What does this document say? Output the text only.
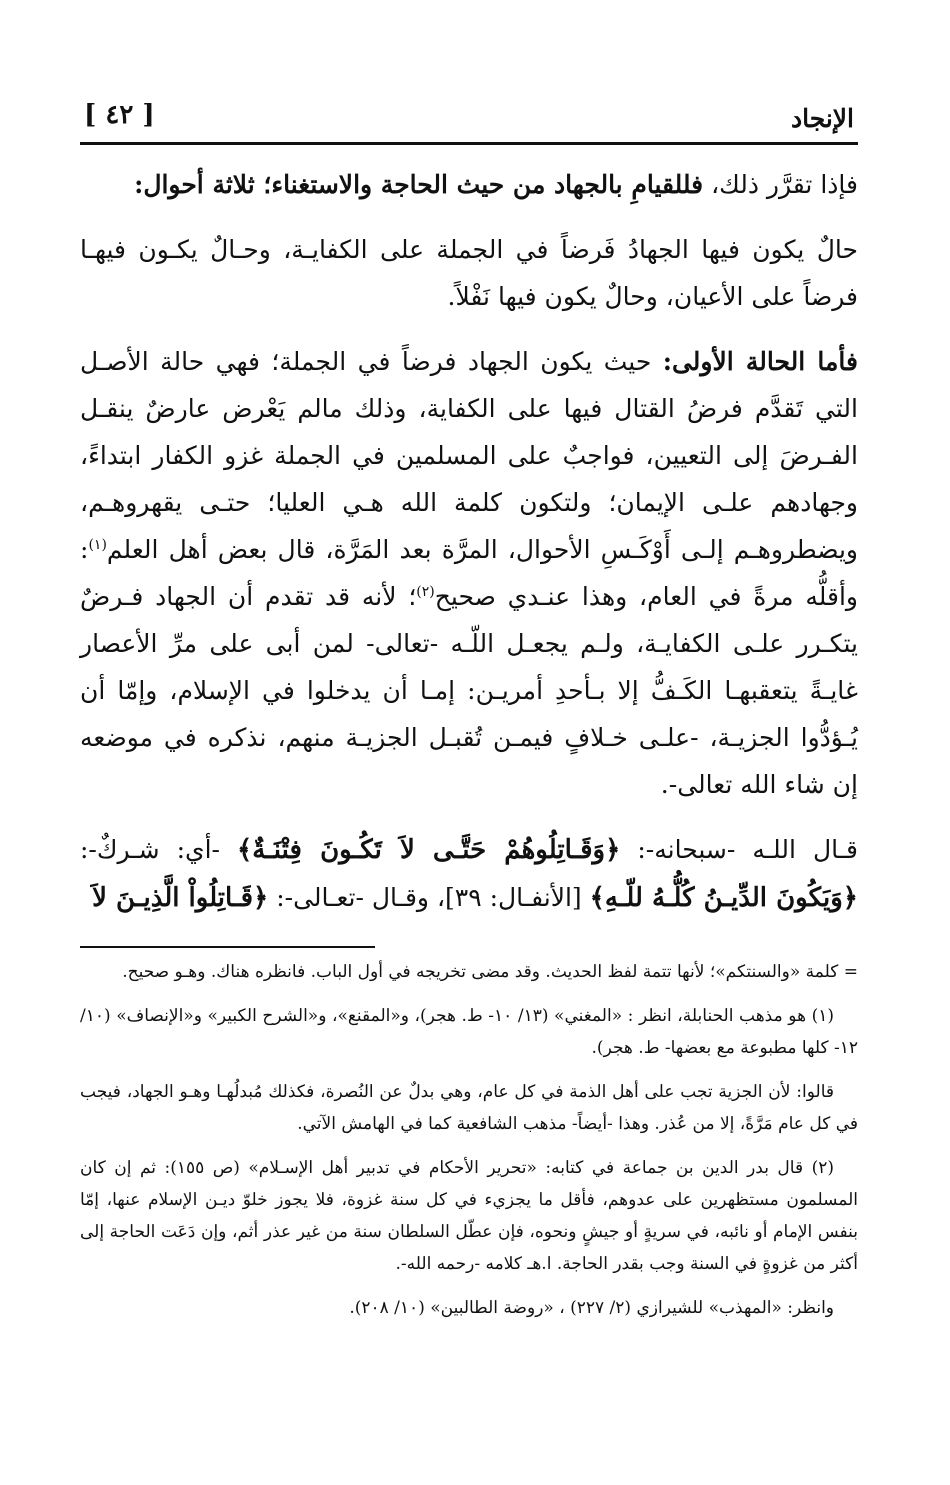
الإنجاد
[ ٤٢ ]

فإذا تقرَّر ذلك، فللقيامِ بالجهاد من حيث الحاجة والاستغناء؛ ثلاثة أحوال:

حالٌ يكون فيها الجهادُ فَرضاً في الجملة على الكفايـة، وحـالٌ يكـون فيهـا فرضاً على الأعيان، وحالٌ يكون فيها نَفْلاً.

فأما الحالة الأولى: حيث يكون الجهاد فرضاً في الجملة؛ فهي حالة الأصـل التي تَقدَّم فرضُ القتال فيها على الكفاية، وذلك مالم يَعْرض عارضٌ ينقـل الفـرضَ إلى التعيين، فواجبٌ على المسلمين في الجملة غزو الكفار ابتداءً، وجهادهم علـى الإيمان؛ ولتكون كلمة الله هـي العليا؛ حتـى يقهروهـم، ويضطروهـم إلـى أَوْكَـسِ الأحوال، المرَّة بعد المَرَّة، قال بعض أهل العلم$^{(١)}$: وأقلُّه مرةً في العام، وهذا عنـدي صحيح$^{(٢)}$؛ لأنه قد تقدم أن الجهاد فـرضٌ يتكـرر علـى الكفايـة، ولـم يجعـل اللّـه -تعالى- لمن أبى على مرِّ الأعصار غايـةً يتعقبهـا الكَـفُّ إلا بـأحدِ أمريـن: إمـا أن يدخلوا في الإسلام، وإمّا أن يُـؤدُّوا الجزيـة، -علـى خـلافٍ فيمـن تُقبـل الجزيـة منهم، نذكره في موضعه إن شاء الله تعالى-.

قـال اللـه -سبحانه-: ﴿وَقَـاتِلُوهُمْ حَتَّـى لاَ تَكُـونَ فِتْنَـةٌ﴾ -أي: شـركٌ-: ﴿وَيَكُونَ الدِّيـنُ كُلُّـهُ للّـهِ﴾ [الأنفـال: ٣٩]، وقـال -تعـالى-: ﴿قَـاتِلُواْ الَّذِيـنَ لاَ

= كلمة «والسنتكم»؛ لأنها تتمة لفظ الحديث. وقد مضى تخريجه في أول الباب. فانظره هناك. وهـو صحيح.

(١) هو مذهب الحنابلة، انظر : «المغني» (١٣/ ١٠- ط. هجر)، و«المقنع»، و«الشرح الكبير» و«الإنصاف» (١٠/ ١٢- كلها مطبوعة مع بعضها- ط. هجر).

قالوا: لأن الجزية تجب على أهل الذمة في كل عام، وهي بدلٌ عن النُصرة، فكذلك مُبدلُهـا وهـو الجهاد، فيجب في كل عام مَرَّةً، إلا من عُذر. وهذا -أيضاً- مذهب الشافعية كما في الهامش الآتي.

(٢) قال بدر الدين بن جماعة في كتابه: «تحرير الأحكام في تدبير أهل الإسـلام» (ص ١٥٥): ثم إن كان المسلمون مستظهرين على عدوهم، فأقل ما يجزيء في كل سنة غزوة، فلا يجوز خلوّ ديـن الإسلام عنها، إمّا بنفس الإمام أو نائبه، في سريةٍ أو جيشٍ ونحوه، فإن عطّل السلطان سنة من غير عذر أثم، وإن دَعَت الحاجة إلى أكثر من غزوةٍ في السنة وجب بقدر الحاجة. ا.هـ كلامه -رحمه الله-.

وانظر: «المهذب» للشيرازي (٢/ ٢٢٧) ، «روضة الطالبين» (١٠/ ٢٠٨).
